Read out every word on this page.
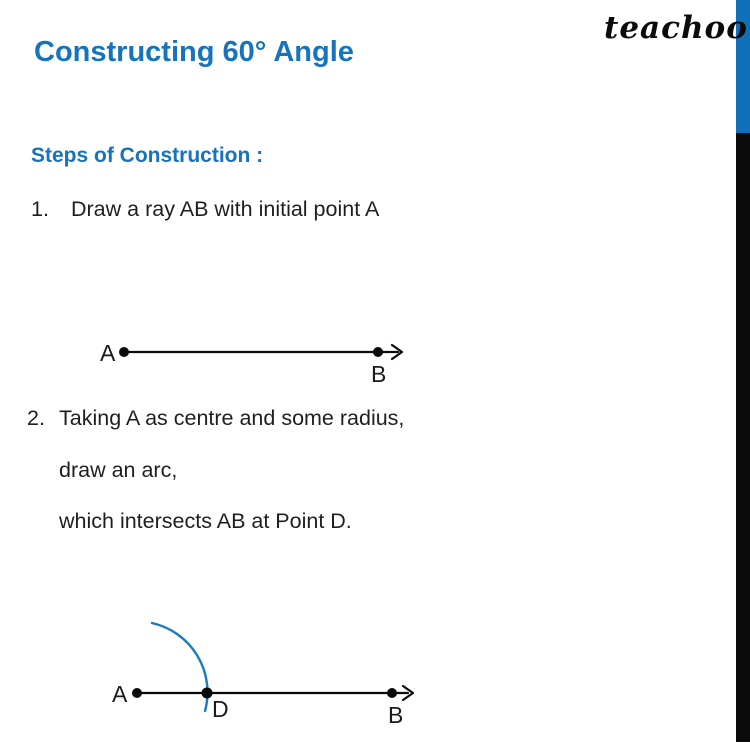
teachoo
Constructing 60° Angle
Steps of Construction :
1. Draw a ray AB with initial point A
A
B
2. Taking A as centre and some radius,
draw an arc,
which intersects AB at Point D.
A
D	B
